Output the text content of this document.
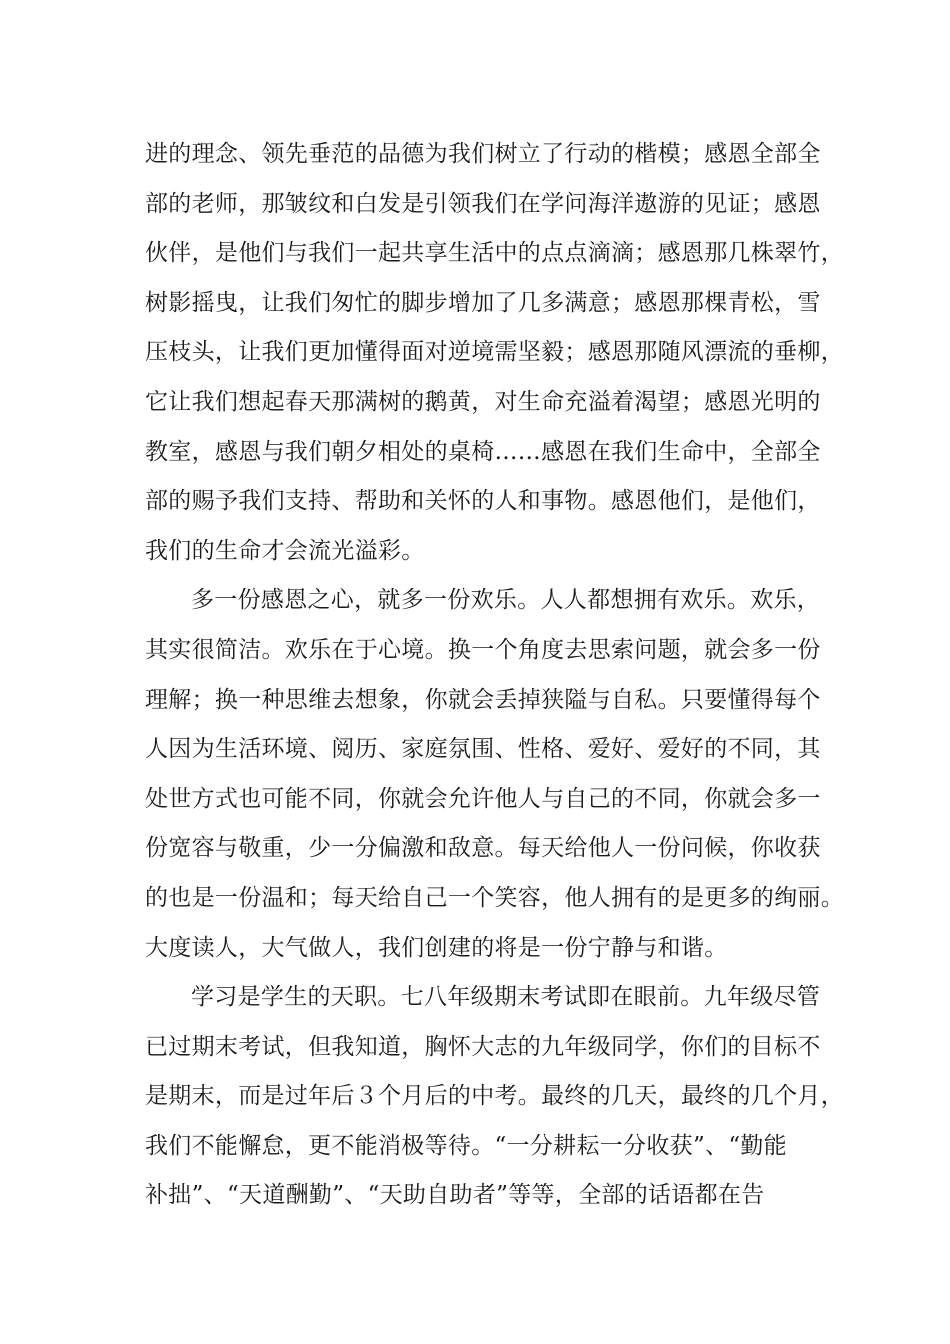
进的理念、领先垂范的品德为我们树立了行动的楷模；感恩全部全
部的老师，那皱纹和白发是引领我们在学问海洋遨游的见证；感恩
伙伴，是他们与我们一起共享生活中的点点滴滴；感恩那几株翠竹，
树影摇曳，让我们匆忙的脚步增加了几多满意；感恩那棵青松，雪
压枝头，让我们更加懂得面对逆境需坚毅；感恩那随风漂流的垂柳，
它让我们想起春天那满树的鹅黄，对生命充溢着渴望；感恩光明的
教室，感恩与我们朝夕相处的桌椅……感恩在我们生命中，全部全
部的赐予我们支持、帮助和关怀的人和事物。感恩他们，是他们，
我们的生命才会流光溢彩。
多一份感恩之心，就多一份欢乐。人人都想拥有欢乐。欢乐，
其实很简洁。欢乐在于心境。换一个角度去思索问题，就会多一份
理解；换一种思维去想象，你就会丢掉狭隘与自私。只要懂得每个
人因为生活环境、阅历、家庭氛围、性格、爱好、爱好的不同，其
处世方式也可能不同，你就会允许他人与自己的不同，你就会多一
份宽容与敬重，少一分偏激和敌意。每天给他人一份问候，你收获
的也是一份温和；每天给自己一个笑容，他人拥有的是更多的绚丽。
大度读人，大气做人，我们创建的将是一份宁静与和谐。
学习是学生的天职。七八年级期末考试即在眼前。九年级尽管
已过期末考试，但我知道，胸怀大志的九年级同学，你们的目标不
是期末，而是过年后３个月后的中考。最终的几天，最终的几个月，
我们不能懈怠，更不能消极等待。“一分耕耘一分收获”、“勤能
补拙”、“天道酬勤”、“天助自助者”等等，全部的话语都在告
